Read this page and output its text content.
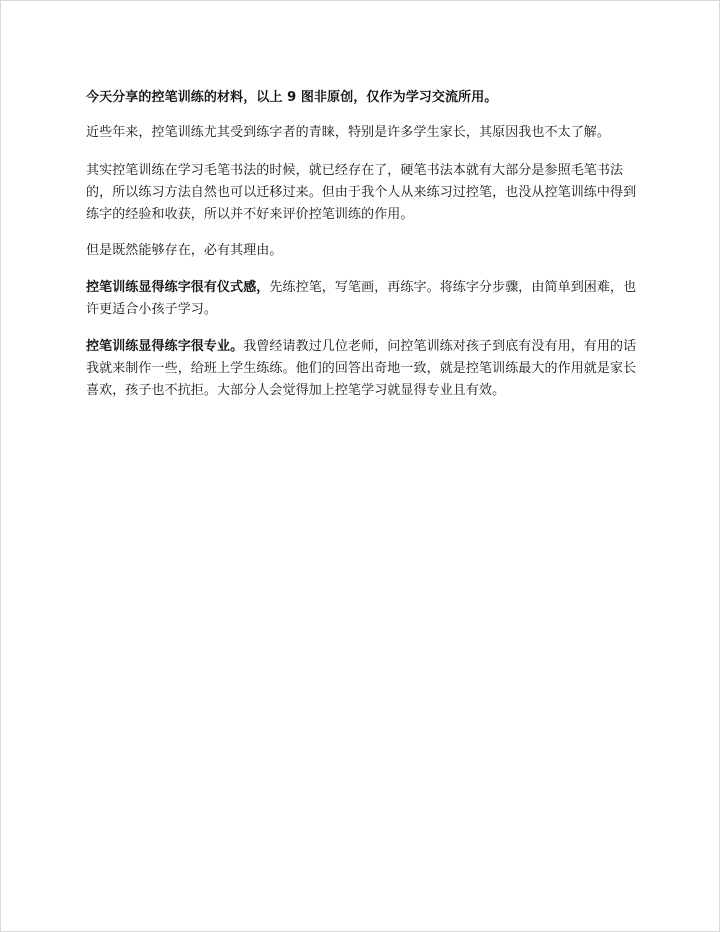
今天分享的控笔训练的材料，以上 9 图非原创，仅作为学习交流所用。

近些年来，控笔训练尤其受到练字者的青睐，特别是许多学生家长，其原因我也不太了解。

其实控笔训练在学习毛笔书法的时候，就已经存在了，硬笔书法本就有大部分是参照毛笔书法的，所以练习方法自然也可以迁移过来。但由于我个人从来练习过控笔，也没从控笔训练中得到练字的经验和收获，所以并不好来评价控笔训练的作用。

但是既然能够存在，必有其理由。

控笔训练显得练字很有仪式感，先练控笔，写笔画，再练字。将练字分步骤，由简单到困难，也许更适合小孩子学习。

控笔训练显得练字很专业。我曾经请教过几位老师，问控笔训练对孩子到底有没有用，有用的话我就来制作一些，给班上学生练练。他们的回答出奇地一致，就是控笔训练最大的作用就是家长喜欢，孩子也不抗拒。大部分人会觉得加上控笔学习就显得专业且有效。
